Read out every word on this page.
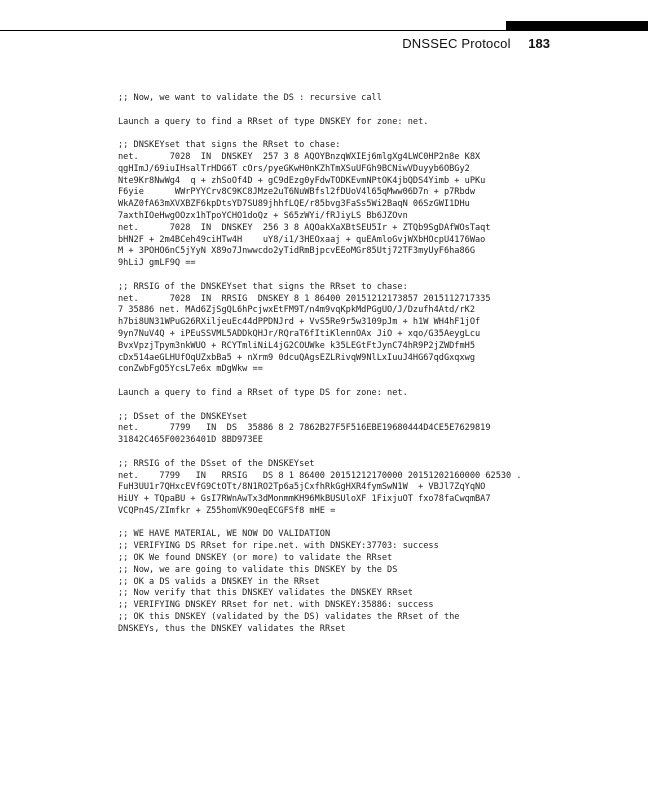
DNSSEC Protocol 183
;; Now, we want to validate the DS : recursive call
Launch a query to find a RRset of type DNSKEY for zone: net.
;; DNSKEYset that signs the RRset to chase:
net.      7028  IN  DNSKEY  257 3 8 AQOYBnzqWXIEj6mlgXg4LWC0HP2n8e K8X
qgHImJ/69iuIHsalTrHDG6T cOrs/pyeGKwH0nKZhTmXSuUFGh9BCNiwVDuyyb6OBGy2
Nte9Kr8NwWg4  q + zhSoOf4D + gC9dEzg0yFdwTODKEvmNPtOK4jbQDS4Yimb + uPKu
F6yie      WWrPYYCrv8C9KC8JMze2uT6NuWBfsl2fDUoV4l65qMww06D7n + p7Rbdw
WkAZ0fA63mXVXBZF6kpDtsYD7SU89jhhfLQE/r85bvg3FaSs5Wi2BaqN 06SzGWI1DHu
7axthIOeHwgOOzx1hTpoYCHO1doQz + S65zWYi/fRJiyLS Bb6JZOvn
net.      7028  IN  DNSKEY  256 3 8 AQOakXaXBtSEU5Ir + ZTQb9SgDAfWOsTaqt
bHN2F + 2m4BCeh49ciHTw4H    uY8/i1/3HEOxaaj + quEAmloGvjWXbHOcpU4176Wao
M + 3POHO6nC5jYyN X89o7Jnwwcdo2yTidRmBjpcvEEoMGr85Utj72TF3myUyF6ha86G
9hLiJ gmLF9Q ==
;; RRSIG of the DNSKEYset that signs the RRset to chase:
net.      7028  IN  RRSIG  DNSKEY 8 1 86400 20151212173857 2015112717335
7 35886 net. MAd6ZjSgQL6hPcjwxEtFM9T/n4m9vqKpkMdPGgUO/J/Dzufh4Atd/rK2
h7bi8UN31WPuG26RXiljeuEc44dPPDNJrd + VvS5Re9r5w3109pJm + h1W WH4hF1jOf
9yn7NuV4Q + iPEuSSVML5ADDkQHJr/RQraT6fItiKlennOAx JiO + xqo/G35AeygLcu
BvxVpzjTpym3nkWUO + RCYTmliNiL4jG2COUWke k35LEGtFtJynC74hR9P2jZWDfmH5
cDx514aeGLHUfOqUZxbBa5 + nXrm9 0dcuQAgsEZLRivqW9NlLxIuuJ4HG67qdGxqxwg
conZwbFgO5YcsL7e6x mDgWkw ==
Launch a query to find a RRset of type DS for zone: net.
;; DSset of the DNSKEYset
net.      7799   IN  DS  35886 8 2 7862B27F5F516EBE19680444D4CE5E7629819
31842C465F00236401D 8BD973EE
;; RRSIG of the DSset of the DNSKEYset
net.    7799   IN   RRSIG   DS 8 1 86400 20151212170000 20151202160000 62530 .
FuH3UU1r7QHxcEVfG9CtOTt/8N1RO2Tp6a5jCxfhRkGgHXR4fymSwN1W  + VBJl7ZqYqNO
HiUY + TQpaBU + GsI7RWnAwTx3dMonmmKH96MkBUSUloXF 1FixjuOT fxo78faCwqmBA7
VCQPn4S/ZImfkr + Z55homVK9OeqECGFSf8 mHE =
;; WE HAVE MATERIAL, WE NOW DO VALIDATION
;; VERIFYING DS RRset for ripe.net. with DNSKEY:37703: success
;; OK We found DNSKEY (or more) to validate the RRset
;; Now, we are going to validate this DNSKEY by the DS
;; OK a DS valids a DNSKEY in the RRset
;; Now verify that this DNSKEY validates the DNSKEY RRset
;; VERIFYING DNSKEY RRset for net. with DNSKEY:35886: success
;; OK this DNSKEY (validated by the DS) validates the RRset of the
DNSKEYs, thus the DNSKEY validates the RRset
